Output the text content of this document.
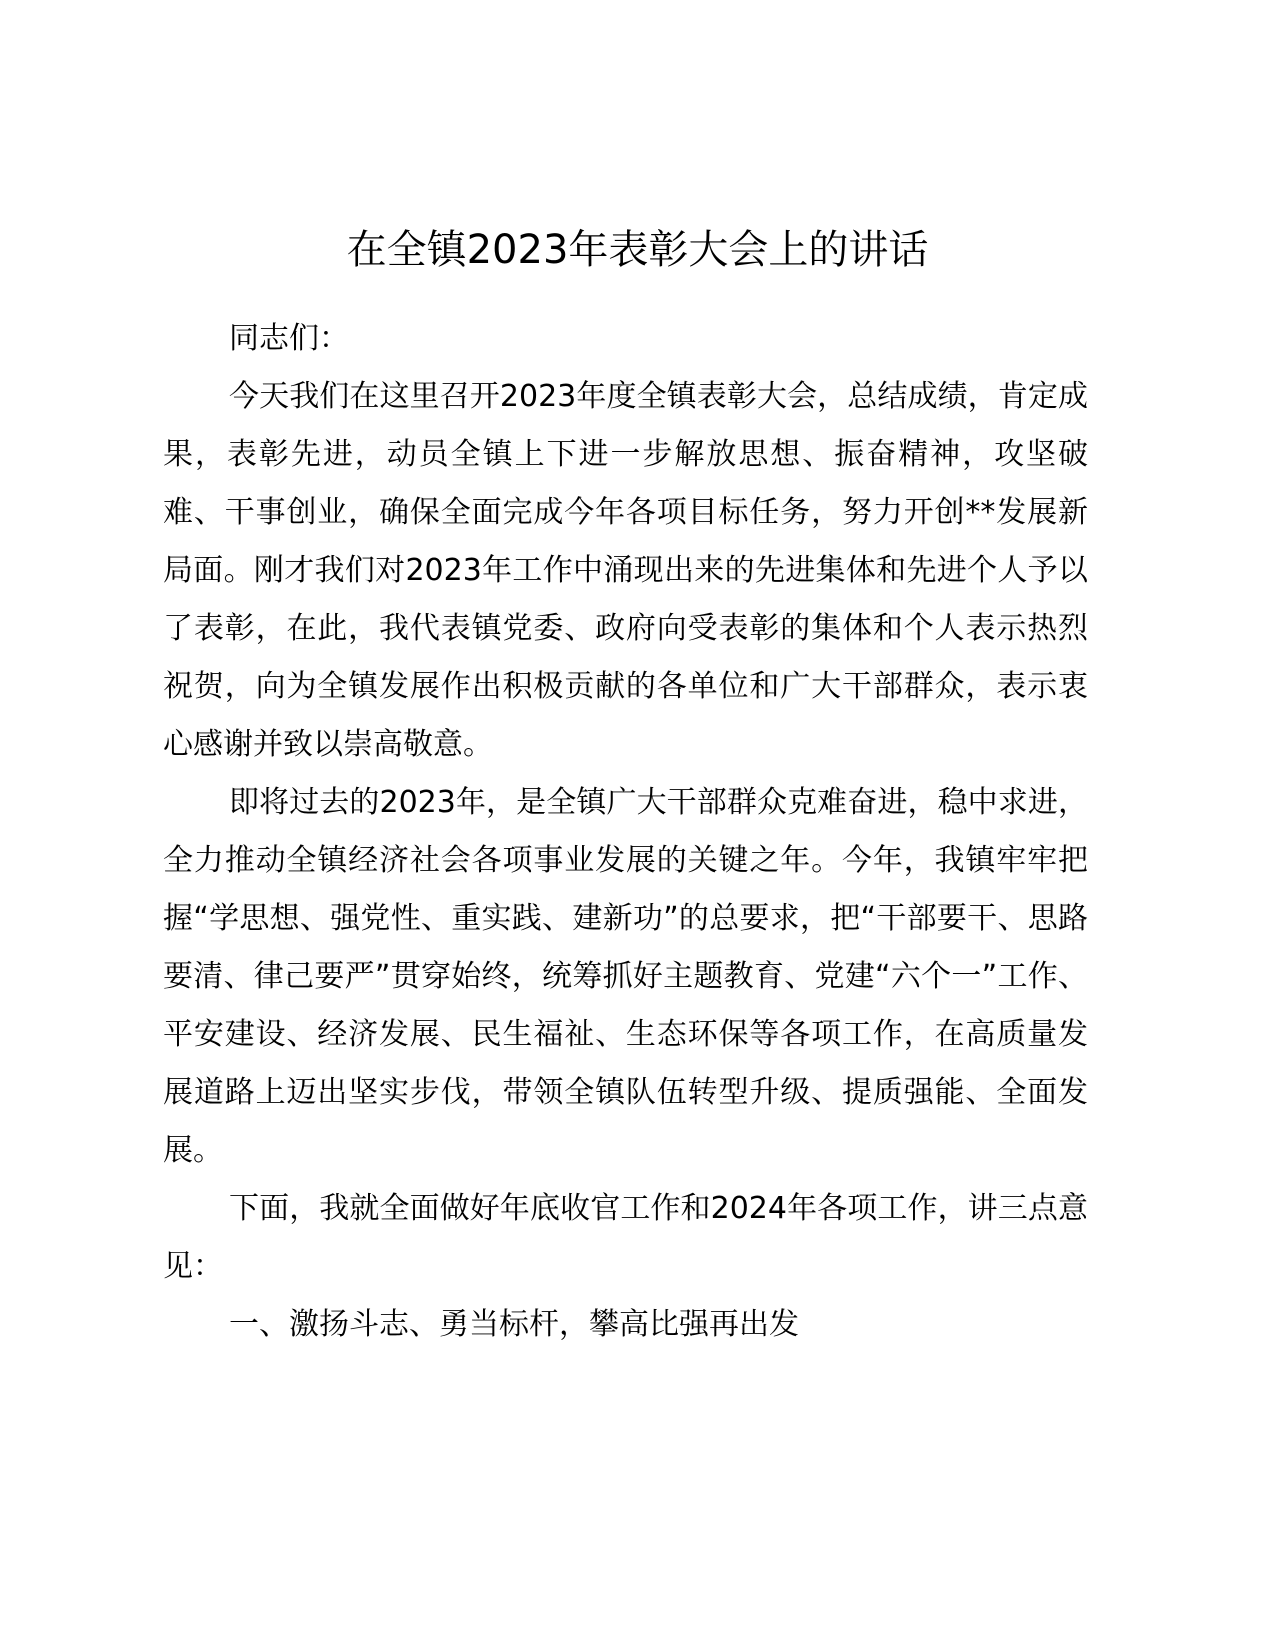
在全镇2023年表彰大会上的讲话

同志们：

今天我们在这里召开2023年度全镇表彰大会，总结成绩，肯定成果，表彰先进，动员全镇上下进一步解放思想、振奋精神，攻坚破难、干事创业，确保全面完成今年各项目标任务，努力开创**发展新局面。刚才我们对2023年工作中涌现出来的先进集体和先进个人予以了表彰，在此，我代表镇党委、政府向受表彰的集体和个人表示热烈祝贺，向为全镇发展作出积极贡献的各单位和广大干部群众，表示衷心感谢并致以崇高敬意。

即将过去的2023年，是全镇广大干部群众克难奋进，稳中求进，全力推动全镇经济社会各项事业发展的关键之年。今年，我镇牢牢把握“学思想、强党性、重实践、建新功”的总要求，把“干部要干、思路要清、律己要严”贯穿始终，统筹抓好主题教育、党建“六个一”工作、平安建设、经济发展、民生福祉、生态环保等各项工作，在高质量发展道路上迈出坚实步伐，带领全镇队伍转型升级、提质强能、全面发展。

下面，我就全面做好年底收官工作和2024年各项工作，讲三点意见：

一、激扬斗志、勇当标杆，攀高比强再出发
